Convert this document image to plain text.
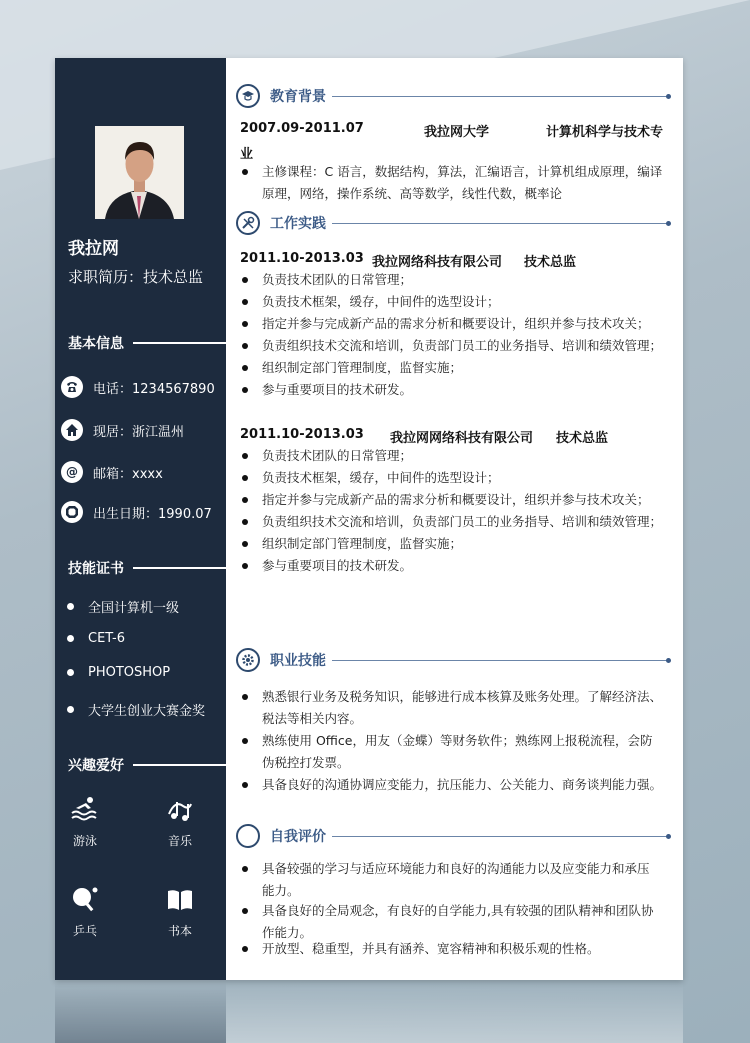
我拉网
求职简历：技术总监
基本信息
电话：1234567890
现居：浙江温州
@	邮箱：xxxx
出生日期：1990.07
技能证书
全国计算机一级
CET-6
PHOTOSHOP
大学生创业大赛金奖
兴趣爱好
游泳	音乐
乒乓	书本
教育背景
2007.09-2011.07	我拉网大学	计算机科学与技术专
业
主修课程：C 语言，数据结构，算法，汇编语言，计算机组成原理，编译
原理，网络，操作系统、高等数学，线性代数，概率论
工作实践
2011.10-2013.03 我拉网络科技有限公司 技术总监
负责技术团队的日常管理；
负责技术框架，缓存，中间件的选型设计；
指定并参与完成新产品的需求分析和概要设计，组织并参与技术攻关；
负责组织技术交流和培训，负责部门员工的业务指导、培训和绩效管理；
组织制定部门管理制度，监督实施；
参与重要项目的技术研发。
2011.10-2013.03 我拉网网络科技有限公司 技术总监
负责技术团队的日常管理；
负责技术框架，缓存，中间件的选型设计；
指定并参与完成新产品的需求分析和概要设计，组织并参与技术攻关；
负责组织技术交流和培训，负责部门员工的业务指导、培训和绩效管理；
组织制定部门管理制度，监督实施；
参与重要项目的技术研发。
职业技能
熟悉银行业务及税务知识，能够进行成本核算及账务处理。了解经济法、
税法等相关内容。
熟练使用 Office，用友（金蝶）等财务软件；熟练网上报税流程，会防
伪税控打发票。
具备良好的沟通协调应变能力，抗压能力、公关能力、商务谈判能力强。
自我评价
具备较强的学习与适应环境能力和良好的沟通能力以及应变能力和承压
能力。
具备良好的全局观念，有良好的自学能力,具有较强的团队精神和团队协
作能力。
开放型、稳重型，并具有涵养、宽容精神和积极乐观的性格。
